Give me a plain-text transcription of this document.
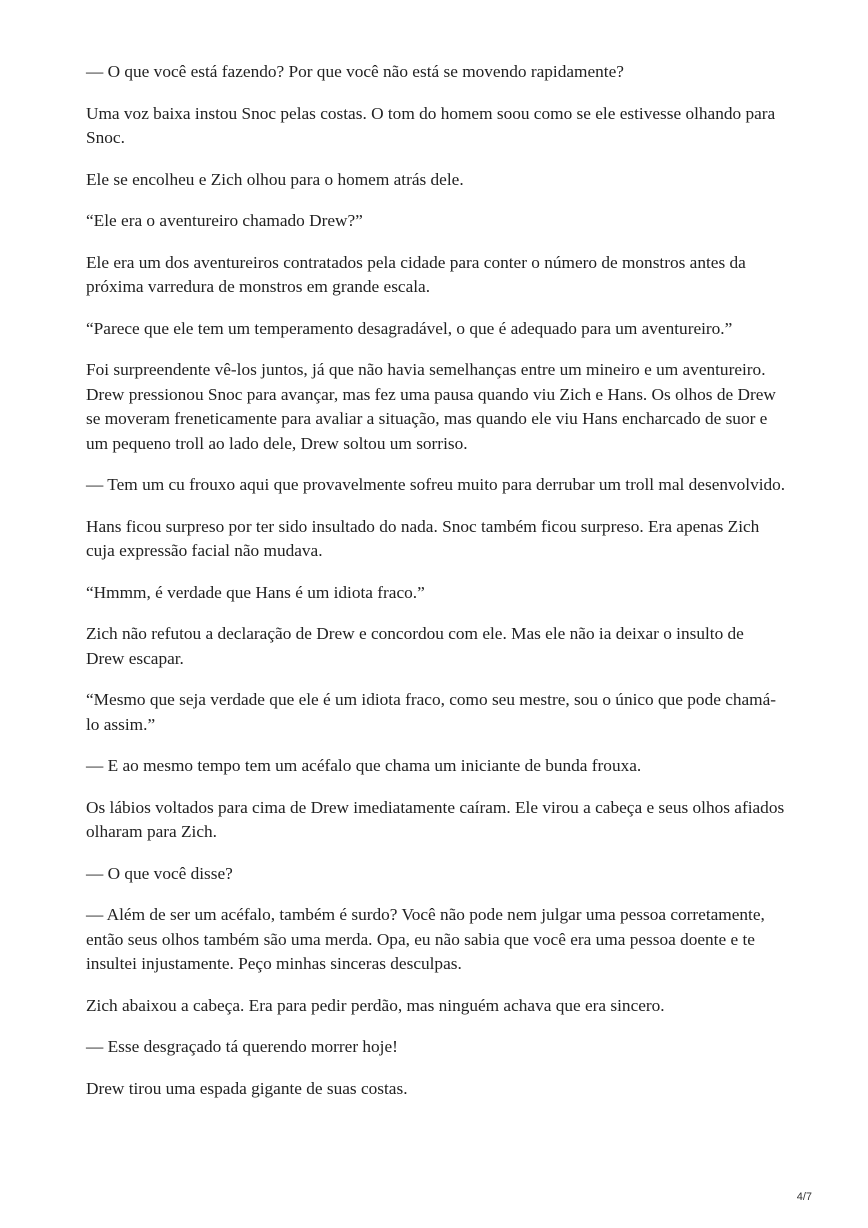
— O que você está fazendo? Por que você não está se movendo rapidamente?

Uma voz baixa instou Snoc pelas costas. O tom do homem soou como se ele estivesse olhando para Snoc.

Ele se encolheu e Zich olhou para o homem atrás dele.

“Ele era o aventureiro chamado Drew?”

Ele era um dos aventureiros contratados pela cidade para conter o número de monstros antes da próxima varredura de monstros em grande escala.

“Parece que ele tem um temperamento desagradável, o que é adequado para um aventureiro.”

Foi surpreendente vê-los juntos, já que não havia semelhanças entre um mineiro e um aventureiro. Drew pressionou Snoc para avançar, mas fez uma pausa quando viu Zich e Hans. Os olhos de Drew se moveram freneticamente para avaliar a situação, mas quando ele viu Hans encharcado de suor e um pequeno troll ao lado dele, Drew soltou um sorriso.

— Tem um cu frouxo aqui que provavelmente sofreu muito para derrubar um troll mal desenvolvido.

Hans ficou surpreso por ter sido insultado do nada. Snoc também ficou surpreso. Era apenas Zich cuja expressão facial não mudava.

“Hmmm, é verdade que Hans é um idiota fraco.”

Zich não refutou a declaração de Drew e concordou com ele. Mas ele não ia deixar o insulto de Drew escapar.

“Mesmo que seja verdade que ele é um idiota fraco, como seu mestre, sou o único que pode chamá-lo assim.”

— E ao mesmo tempo tem um acéfalo que chama um iniciante de bunda frouxa.

Os lábios voltados para cima de Drew imediatamente caíram. Ele virou a cabeça e seus olhos afiados olharam para Zich.

— O que você disse?

— Além de ser um acéfalo, também é surdo? Você não pode nem julgar uma pessoa corretamente, então seus olhos também são uma merda. Opa, eu não sabia que você era uma pessoa doente e te insultei injustamente. Peço minhas sinceras desculpas.

Zich abaixou a cabeça. Era para pedir perdão, mas ninguém achava que era sincero.

— Esse desgraçado tá querendo morrer hoje!

Drew tirou uma espada gigante de suas costas.

4/7
